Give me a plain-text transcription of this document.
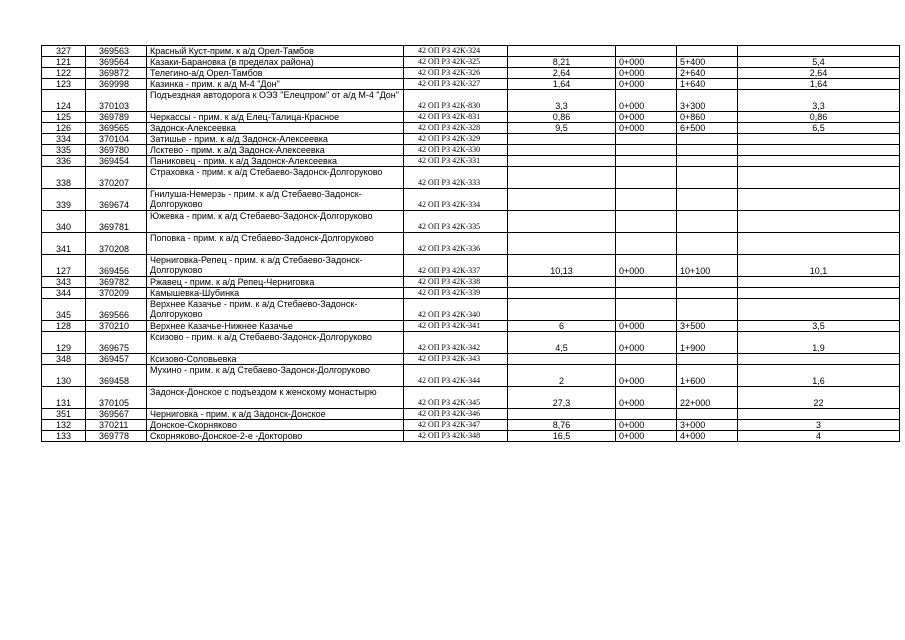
327	369563	Красный Куст-прим. к а/д Орел-Тамбов	42 ОП РЗ 42К-324				
121	369564	Казаки-Барановка (в пределах района)	42 ОП РЗ 42К-325	8,21	0+000	5+400	5,4
122	369872	Телегино-а/д Орел-Тамбов	42 ОП РЗ 42К-326	2,64	0+000	2+640	2,64
123	369998	Казинка - прим. к а/д М-4 "Дон"	42 ОП РЗ 42К-327	1,64	0+000	1+640	1,64
124	370103	Подъездная автодорога к ОЭЗ "Елецпром" от а/д М-4 "Дон"	42 ОП РЗ 42К-830	3,3	0+000	3+300	3,3
125	369789	Черкассы - прим. к а/д Елец-Талица-Красное	42 ОП РЗ 42К-831	0,86	0+000	0+860	0,86
126	369565	Задонск-Алексеевка	42 ОП РЗ 42К-328	9,5	0+000	6+500	6,5
334	370104	Затишье - прим. к а/д Задонск-Алексеевка	42 ОП РЗ 42К-329				
335	369780	Лсктево - прим. к а/д Задонск-Алексеевка	42 ОП РЗ 42К-330				
336	369454	Паниковец - прим. к а/д Задонск-Алексеевка	42 ОП РЗ 42К-331				
338	370207	Страховка - прим. к а/д Стебаево-Задонск-Долгоруково	42 ОП РЗ 42К-333				
339	369674	Гнилуша-Немерзь - прим. к а/д Стебаево-Задонск-Долгоруково	42 ОП РЗ 42К-334				
340	369781	Южевка - прим. к а/д Стебаево-Задонск-Долгоруково	42 ОП РЗ 42К-335				
341	370208	Поповка - прим. к а/д Стебаево-Задонск-Долгоруково	42 ОП РЗ 42К-336				
127	369456	Черниговка-Репец - прим. к а/д Стебаево-Задонск-Долгоруково	42 ОП РЗ 42К-337	10,13	0+000	10+100	10,1
343	369782	Ржавец - прим. к а/д Репец-Черниговка	42 ОП РЗ 42К-338				
344	370209	Камышевка-Шубинка	42 ОП РЗ 42К-339				
345	369566	Верхнее Казачье - прим. к а/д Стебаево-Задонск-Долгоруково	42 ОП РЗ 42К-340				
128	370210	Верхнее Казачье-Нижнее Казачье	42 ОП РЗ 42К-341	6	0+000	3+500	3,5
129	369675	Ксизово - прим. к а/д Стебаево-Задонск-Долгоруково	42 ОП РЗ 42К-342	4,5	0+000	1+900	1,9
348	369457	Ксизово-Соловьевка	42 ОП РЗ 42К-343				
130	369458	Мухино - прим. к а/д Стебаево-Задонск-Долгоруково	42 ОП РЗ 42К-344	2	0+000	1+600	1,6
131	370105	Задонск-Донское с подъездом к женскому монастырю	42 ОП РЗ 42К-345	27,3	0+000	22+000	22
351	369567	Черниговка - прим. к а/д Задонск-Донское	42 ОП РЗ 42К-346				
132	370211	Донское-Скорняково	42 ОП РЗ 42К-347	8,76	0+000	3+000	3
133	369778	Скорняково-Донское-2-е -Докторово	42 ОП РЗ 42К-348	16,5	0+000	4+000	4
